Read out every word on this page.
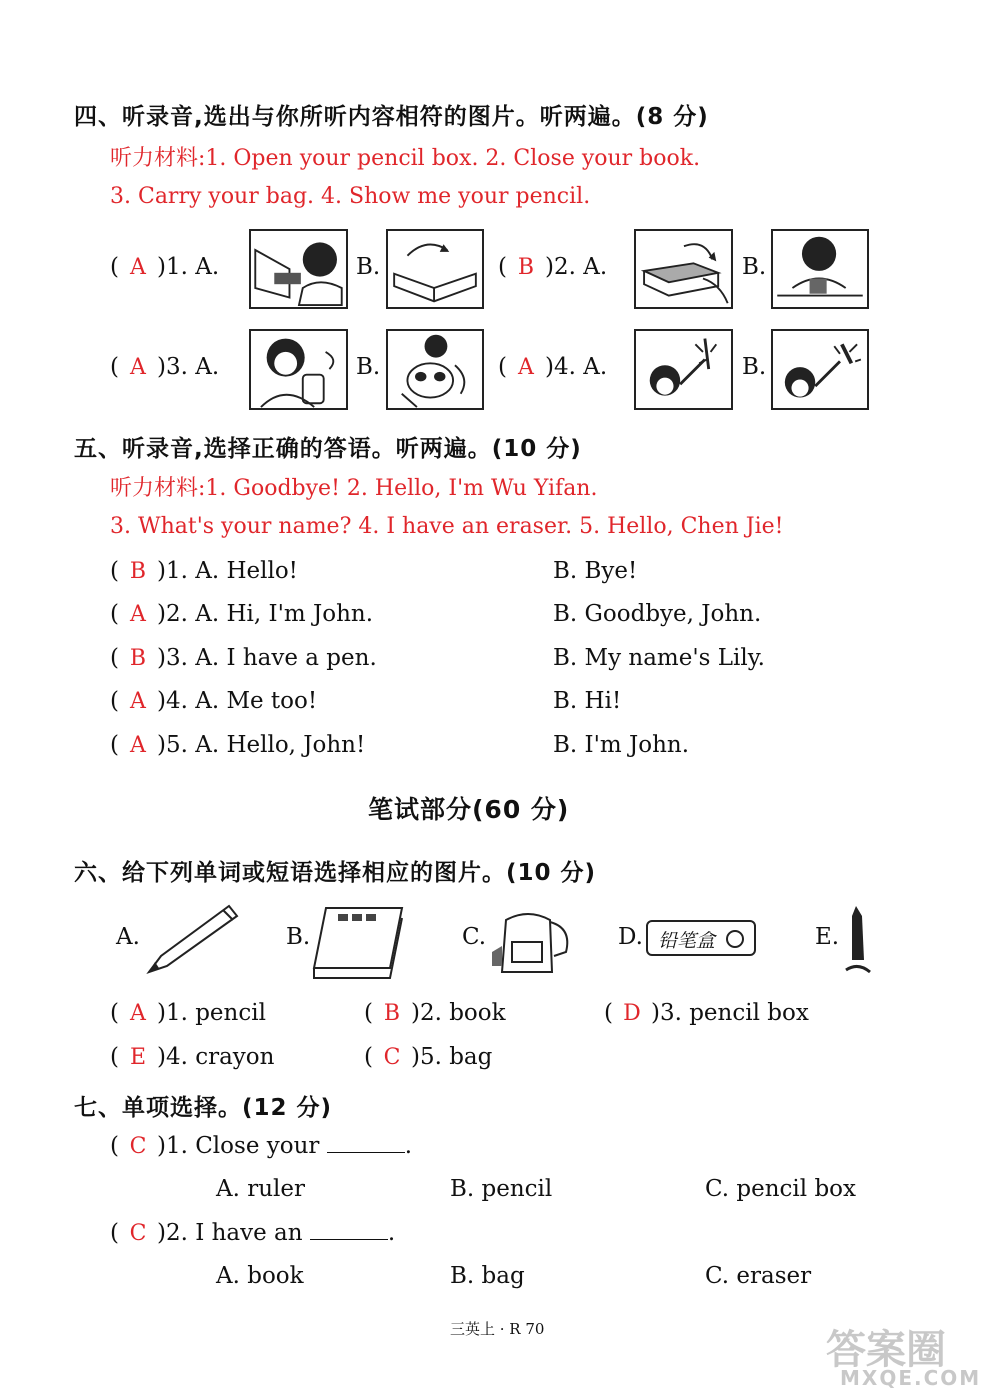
四、听录音,选出与你所听内容相符的图片。听两遍。(8 分)
听力材料:1. Open your pencil box. 2. Close your book.
3. Carry your bag. 4. Show me your pencil.
( A )1. A.	B.	( B )2. A.	B.
( A )3. A.	B.	( A )4. A.	B.
五、听录音,选择正确的答语。听两遍。(10 分)
听力材料:1. Goodbye! 2. Hello, I'm Wu Yifan.
3. What's your name? 4. I have an eraser. 5. Hello, Chen Jie!
( B )1. A. Hello!	B. Bye!
( A )2. A. Hi, I'm John.	B. Goodbye, John.
( B )3. A. I have a pen.	B. My name's Lily.
( A )4. A. Me too!	B. Hi!
( A )5. A. Hello, John!	B. I'm John.
笔试部分(60 分)
六、给下列单词或短语选择相应的图片。(10 分)
A.	B.	C.	D. 铅笔盒	E.
( A )1. pencil	( B )2. book	( D )3. pencil box
( E )4. crayon	( C )5. bag
七、单项选择。(12 分)
( C )1. Close your	.
A. ruler	B. pencil	C. pencil box
( C )2. I have an	.
A. book	B. bag	C. eraser
三英上 · R 70	答案圈
MXQE.COM
